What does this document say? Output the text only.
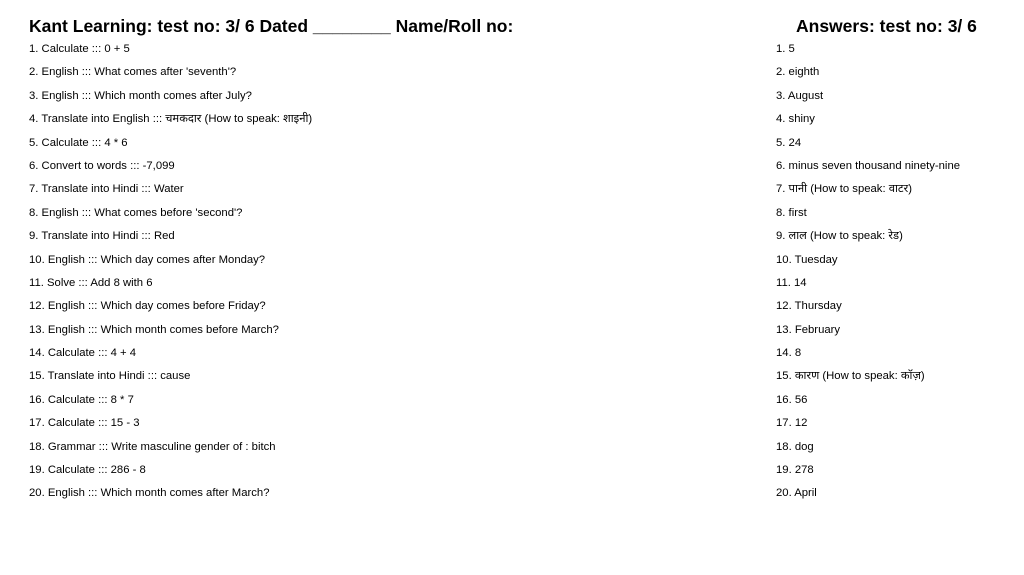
Kant Learning: test no: 3/ 6 Dated ________ Name/Roll no:	Answers: test no: 3/ 6
1. Calculate ::: 0 + 5
2. English ::: What comes after 'seventh'?
3. English ::: Which month comes after July?
4. Translate into English ::: चमकदार (How to speak: शाइनी)
5. Calculate ::: 4 * 6
6. Convert to words ::: -7,099
7. Translate into Hindi ::: Water
8. English ::: What comes before 'second'?
9. Translate into Hindi ::: Red
10. English ::: Which day comes after Monday?
11. Solve ::: Add 8 with 6
12. English ::: Which day comes before Friday?
13. English ::: Which month comes before March?
14. Calculate ::: 4 + 4
15. Translate into Hindi ::: cause
16. Calculate ::: 8 * 7
17. Calculate ::: 15 - 3
18. Grammar ::: Write masculine gender of : bitch
19. Calculate ::: 286 - 8
20. English ::: Which month comes after March?
1. 5
2. eighth
3. August
4. shiny
5. 24
6. minus seven thousand ninety-nine
7. पानी (How to speak: वाटर)
8. first
9. लाल (How to speak: रेड)
10. Tuesday
11. 14
12. Thursday
13. February
14. 8
15. कारण (How to speak: कॉज़)
16. 56
17. 12
18. dog
19. 278
20. April
